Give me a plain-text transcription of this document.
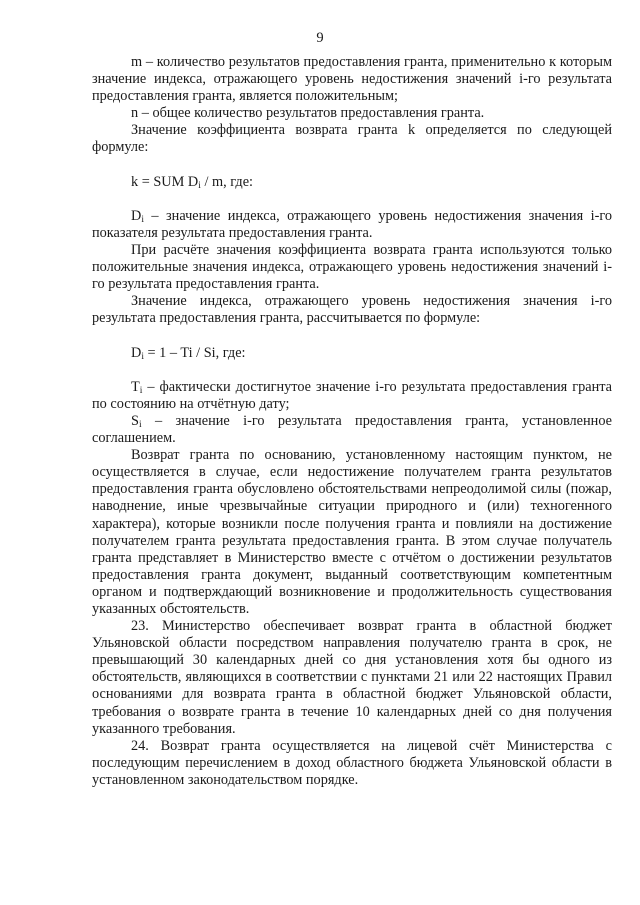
9

m – количество результатов предоставления гранта, применительно к которым значение индекса, отражающего уровень недостижения значений i-го результата предоставления гранта, является положительным;

n – общее количество результатов предоставления гранта.

Значение коэффициента возврата гранта k определяется по следующей формуле:

k = SUM $D_i$ / m, где:

$D_i$ – значение индекса, отражающего уровень недостижения значения i-го показателя результата предоставления гранта.

При расчёте значения коэффициента возврата гранта используются только положительные значения индекса, отражающего уровень недостижения значений i-го результата предоставления гранта.

Значение индекса, отражающего уровень недостижения значения i-го результата предоставления гранта, рассчитывается по формуле:

$D_i = 1 - Ti / Si$, где:

$T_i$ – фактически достигнутое значение i-го результата предоставления гранта по состоянию на отчётную дату;

$S_i$ – значение i-го результата предоставления гранта, установленное соглашением.

Возврат гранта по основанию, установленному настоящим пунктом, не осуществляется в случае, если недостижение получателем гранта результатов предоставления гранта обусловлено обстоятельствами непреодолимой силы (пожар, наводнение, иные чрезвычайные ситуации природного и (или) техногенного характера), которые возникли после получения гранта и повлияли на достижение получателем гранта результата предоставления гранта. В этом случае получатель гранта представляет в Министерство вместе с отчётом о достижении результатов предоставления гранта документ, выданный соответствующим компетентным органом и подтверждающий возникновение и продолжительность существования указанных обстоятельств.

23. Министерство обеспечивает возврат гранта в областной бюджет Ульяновской области посредством направления получателю гранта в срок, не превышающий 30 календарных дней со дня установления хотя бы одного из обстоятельств, являющихся в соответствии с пунктами 21 или 22 настоящих Правил основаниями для возврата гранта в областной бюджет Ульяновской области, требования о возврате гранта в течение 10 календарных дней со дня получения указанного требования.

24. Возврат гранта осуществляется на лицевой счёт Министерства с последующим перечислением в доход областного бюджета Ульяновской области в установленном законодательством порядке.
